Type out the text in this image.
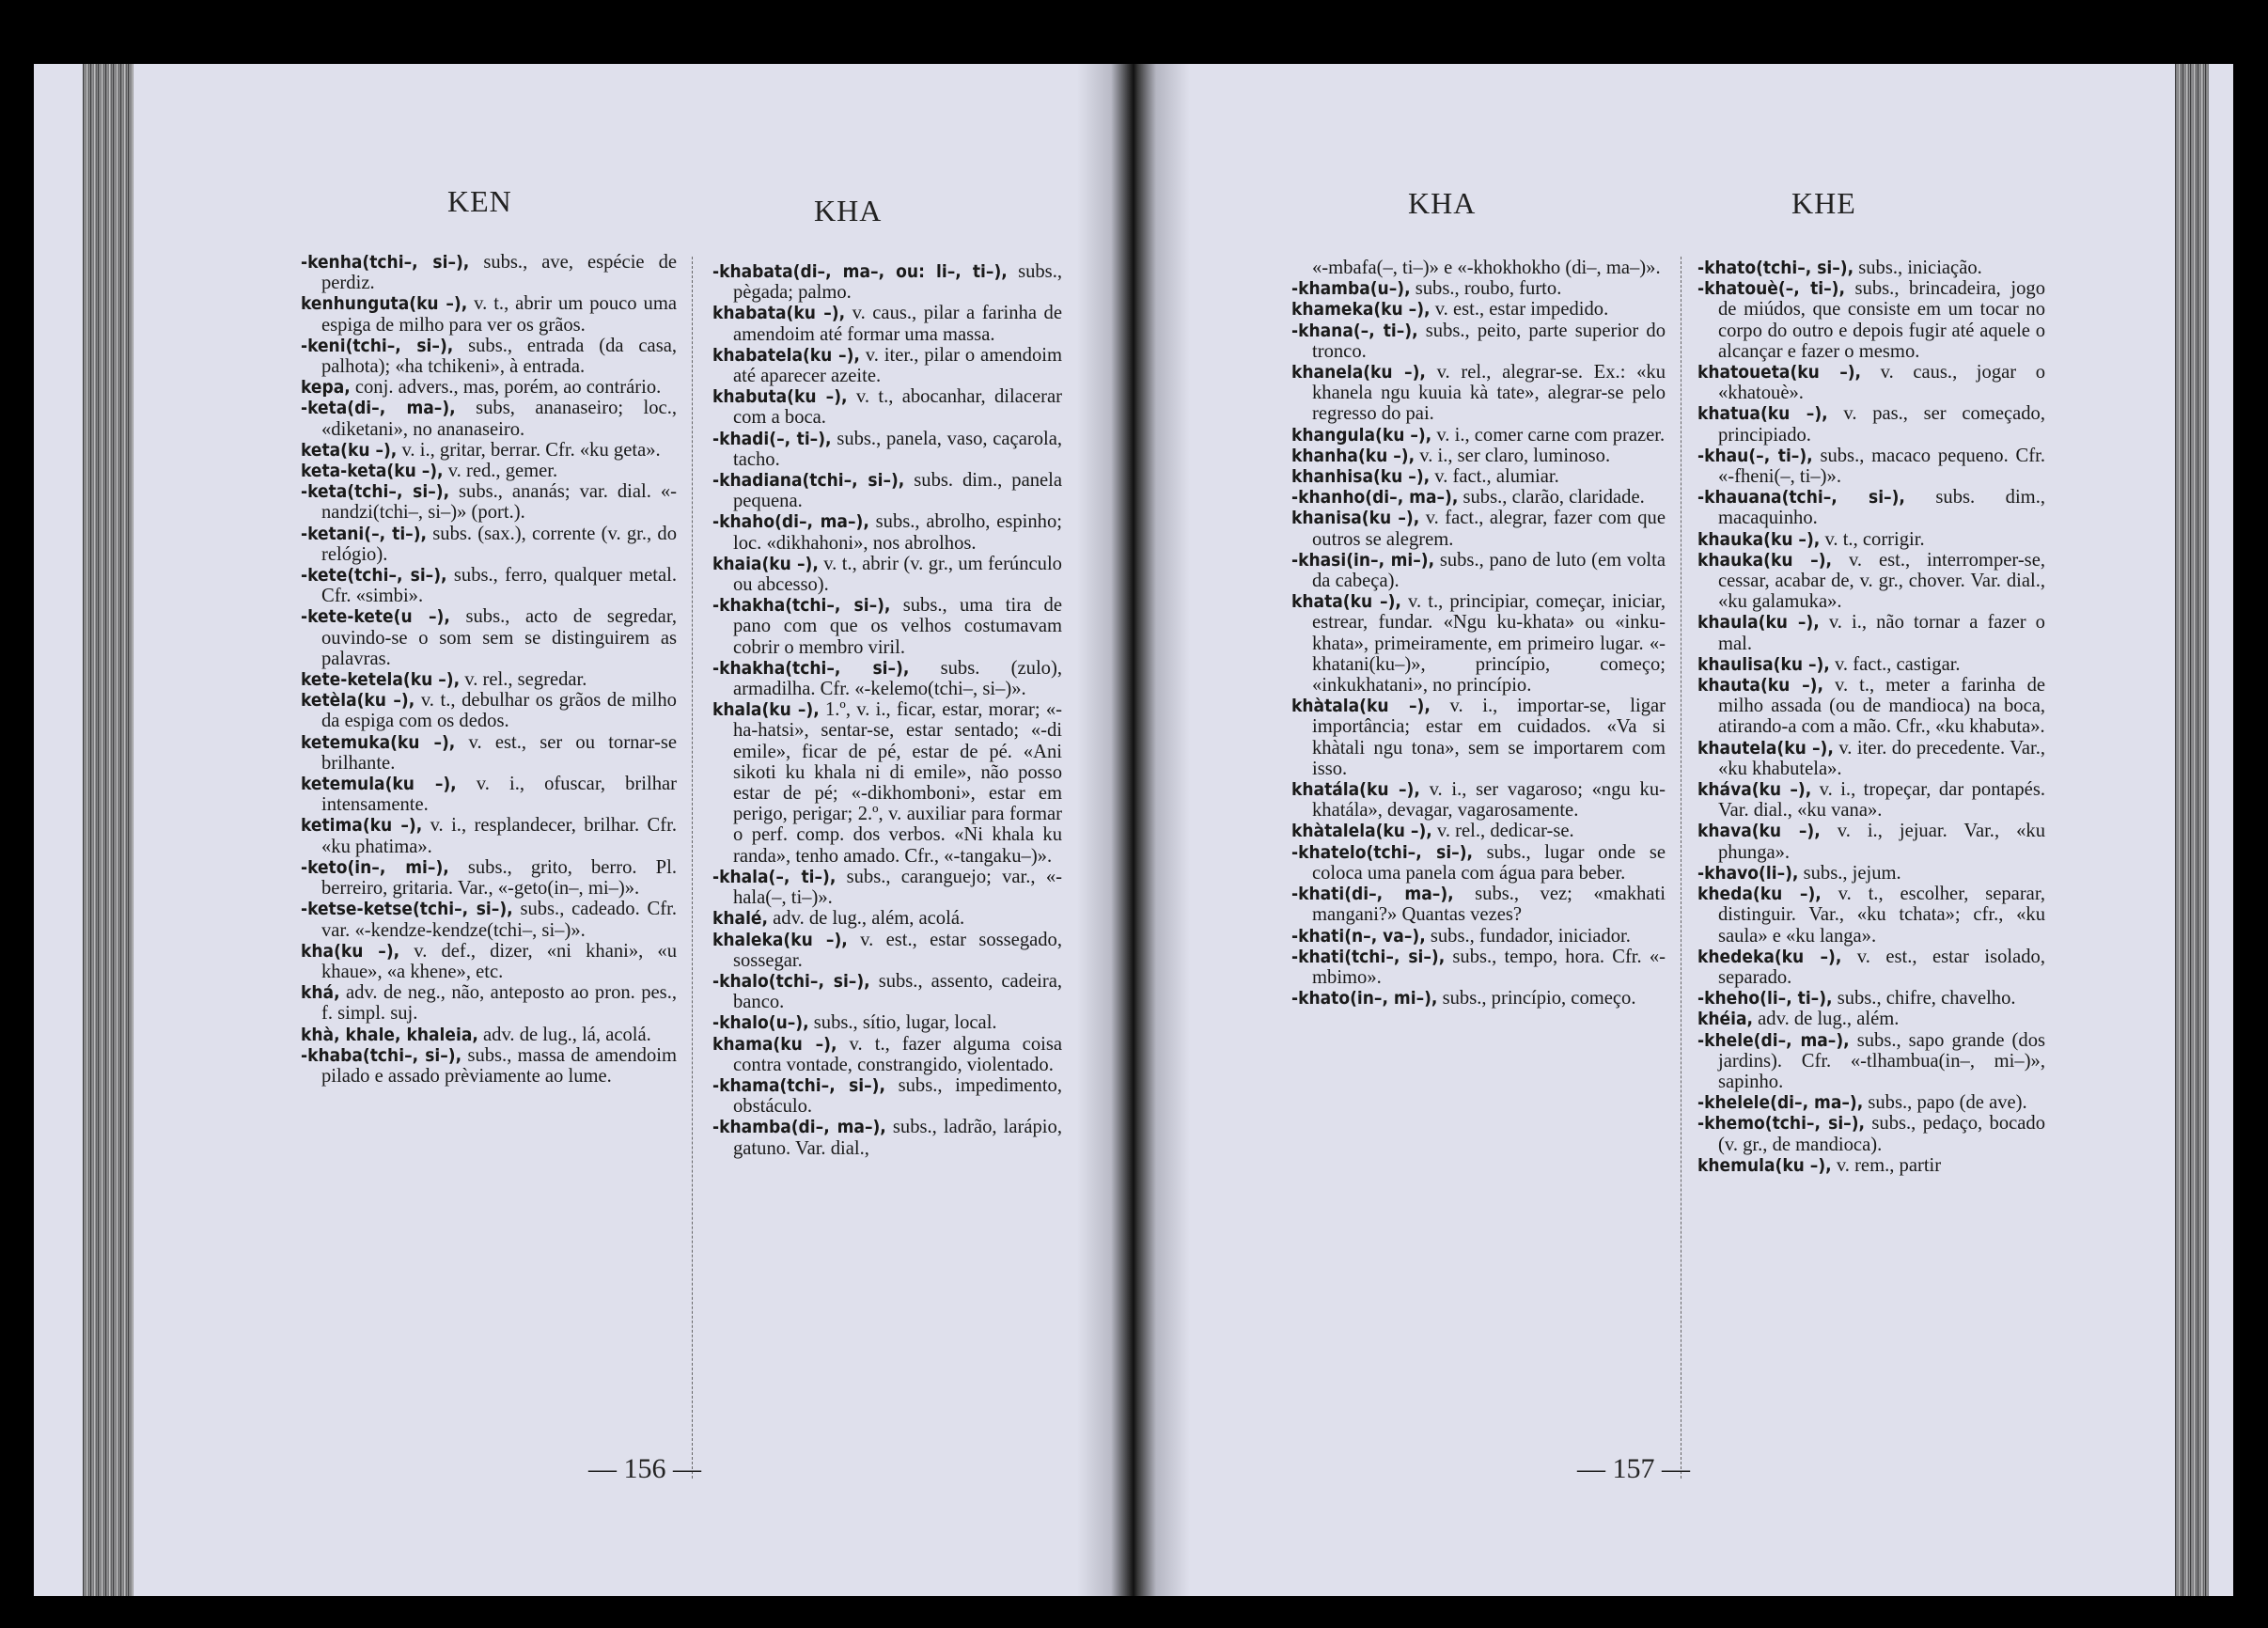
KEN	KHA

-kenha(tchi–, si–), subs., ave, espécie de perdiz.

kenhunguta(ku –), v. t., abrir um pouco uma espiga de milho para ver os grãos.

-keni(tchi–, si–), subs., entrada (da casa, palhota); «ha tchikeni», à entrada.

kepa, conj. advers., mas, porém, ao contrário.

-keta(di–, ma–), subs, ananaseiro; loc., «diketani», no ananaseiro.

keta(ku –), v. i., gritar, berrar. Cfr. «ku geta».

keta-keta(ku –), v. red., gemer.

-keta(tchi–, si–), subs., ananás; var. dial. «-nandzi(tchi–, si–)» (port.).

-ketani(–, ti–), subs. (sax.), corrente (v. gr., do relógio).

-kete(tchi–, si–), subs., ferro, qualquer metal. Cfr. «simbi».

-kete-kete(u –), subs., acto de segredar, ouvindo-se o som sem se distinguirem as palavras.

kete-ketela(ku –), v. rel., segredar.

ketèla(ku –), v. t., debulhar os grãos de milho da espiga com os dedos.

ketemuka(ku –), v. est., ser ou tornar-se brilhante.

ketemula(ku –), v. i., ofuscar, brilhar intensamente.

ketima(ku –), v. i., resplandecer, brilhar. Cfr. «ku phatima».

-keto(in–, mi–), subs., grito, berro. Pl. berreiro, gritaria. Var., «-geto(in–, mi–)».

-ketse-ketse(tchi–, si–), subs., cadeado. Cfr. var. «-kendze-kendze(tchi–, si–)».

kha(ku –), v. def., dizer, «ni khani», «u khaue», «a khene», etc.

khá, adv. de neg., não, anteposto ao pron. pes., f. simpl. suj.

khà, khale, khaleia, adv. de lug., lá, acolá.

-khaba(tchi–, si–), subs., massa de amendoim pilado e assado prèviamente ao lume.

-khabata(di–, ma–, ou: li–, ti–), subs., pègada; palmo.

khabata(ku –), v. caus., pilar a farinha de amendoim até formar uma massa.

khabatela(ku –), v. iter., pilar o amendoim até aparecer azeite.

khabuta(ku –), v. t., abocanhar, dilacerar com a boca.

-khadi(–, ti–), subs., panela, vaso, caçarola, tacho.

-khadiana(tchi–, si–), subs. dim., panela pequena.

-khaho(di–, ma–), subs., abrolho, espinho; loc. «dikhahoni», nos abrolhos.

khaia(ku –), v. t., abrir (v. gr., um ferúnculo ou abcesso).

-khakha(tchi–, si–), subs., uma tira de pano com que os velhos costumavam cobrir o membro viril.

-khakha(tchi–, si–), subs. (zulo), armadilha. Cfr. «-kelemo(tchi–, si–)».

khala(ku –), 1.º, v. i., ficar, estar, morar; «-ha-hatsi», sentar-se, estar sentado; «-di emile», ficar de pé, estar de pé. «Ani sikoti ku khala ni di emile», não posso estar de pé; «-dikhomboni», estar em perigo, perigar; 2.º, v. auxiliar para formar o perf. comp. dos verbos. «Ni khala ku randa», tenho amado. Cfr., «-tangaku–)».

-khala(–, ti–), subs., caranguejo; var., «-hala(–, ti–)».

khalé, adv. de lug., além, acolá.

khaleka(ku –), v. est., estar sossegado, sossegar.

-khalo(tchi–, si–), subs., assento, cadeira, banco.

-khalo(u–), subs., sítio, lugar, local.

khama(ku –), v. t., fazer alguma coisa contra vontade, constrangido, violentado.

-khama(tchi–, si–), subs., impedimento, obstáculo.

-khamba(di–, ma–), subs., ladrão, larápio, gatuno. Var. dial.,

— 156 —
KHA	KHE

«-mbafa(–, ti–)» e «-khokhokho (di–, ma–)».

-khamba(u–), subs., roubo, furto.

khameka(ku –), v. est., estar impedido.

-khana(–, ti–), subs., peito, parte superior do tronco.

khanela(ku –), v. rel., alegrar-se. Ex.: «ku khanela ngu kuuia kà tate», alegrar-se pelo regresso do pai.

khangula(ku –), v. i., comer carne com prazer.

khanha(ku –), v. i., ser claro, luminoso.

khanhisa(ku –), v. fact., alumiar.

-khanho(di–, ma–), subs., clarão, claridade.

khanisa(ku –), v. fact., alegrar, fazer com que outros se alegrem.

-khasi(in–, mi–), subs., pano de luto (em volta da cabeça).

khata(ku –), v. t., principiar, começar, iniciar, estrear, fundar. «Ngu ku-khata» ou «inku-khata», primeiramente, em primeiro lugar. «-khatani(ku–)», princípio, começo; «inkukhatani», no princípio.

khàtala(ku –), v. i., importar-se, ligar importância; estar em cuidados. «Va si khàtali ngu tona», sem se importarem com isso.

khatála(ku –), v. i., ser vagaroso; «ngu ku-khatála», devagar, vagarosamente.

khàtalela(ku –), v. rel., dedicar-se.

-khatelo(tchi–, si–), subs., lugar onde se coloca uma panela com água para beber.

-khati(di–, ma–), subs., vez; «makhati mangani?» Quantas vezes?

-khati(n–, va–), subs., fundador, iniciador.

-khati(tchi–, si–), subs., tempo, hora. Cfr. «-mbimo».

-khato(in–, mi–), subs., princípio, começo.

-khato(tchi–, si–), subs., iniciação.

-khatouè(–, ti–), subs., brincadeira, jogo de miúdos, que consiste em um tocar no corpo do outro e depois fugir até aquele o alcançar e fazer o mesmo.

khatoueta(ku –), v. caus., jogar o «khatouè».

khatua(ku –), v. pas., ser começado, principiado.

-khau(–, ti–), subs., macaco pequeno. Cfr. «-fheni(–, ti–)».

-khauana(tchi–, si–), subs. dim., macaquinho.

khauka(ku –), v. t., corrigir.

khauka(ku –), v. est., interromper-se, cessar, acabar de, v. gr., chover. Var. dial., «ku galamuka».

khaula(ku –), v. i., não tornar a fazer o mal.

khaulisa(ku –), v. fact., castigar.

khauta(ku –), v. t., meter a farinha de milho assada (ou de mandioca) na boca, atirando-a com a mão. Cfr., «ku khabuta».

khautela(ku –), v. iter. do precedente. Var., «ku khabutela».

kháva(ku –), v. i., tropeçar, dar pontapés. Var. dial., «ku vana».

khava(ku –), v. i., jejuar. Var., «ku phunga».

-khavo(li–), subs., jejum.

kheda(ku –), v. t., escolher, separar, distinguir. Var., «ku tchata»; cfr., «ku saula» e «ku langa».

khedeka(ku –), v. est., estar isolado, separado.

-kheho(li–, ti–), subs., chifre, chavelho.

khéia, adv. de lug., além.

-khele(di–, ma–), subs., sapo grande (dos jardins). Cfr. «-tlhambua(in–, mi–)», sapinho.

-khelele(di–, ma–), subs., papo (de ave).

-khemo(tchi–, si–), subs., pedaço, bocado (v. gr., de mandioca).

khemula(ku –), v. rem., partir

— 157 —
